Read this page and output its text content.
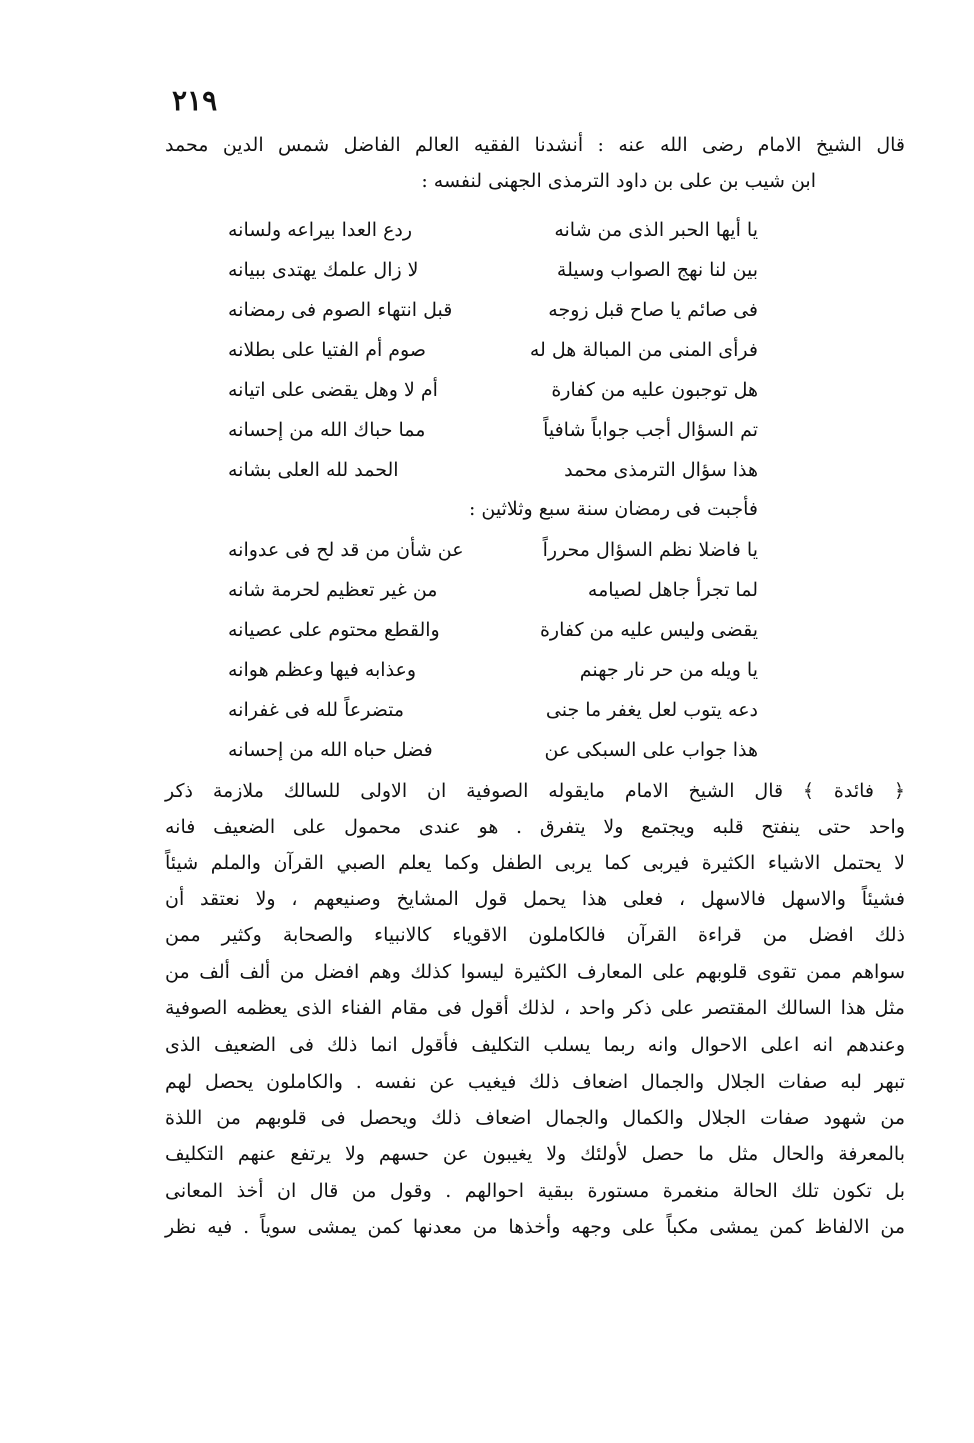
٢١٩
قال الشيخ الامام رضى الله عنه : أنشدنا الفقيه العالم الفاضل شمس الدين محمد
ابن شيب بن على بن داود الترمذى الجهنى لنفسه :
يا أيها الحبر الذى من شانه
ردع العدا بيراعه ولسانه
بين لنا نهج الصواب وسيلة
لا زال علمك يهتدى ببيانه
فى صائم يا صاح قبل زوجه
قبل انتهاء الصوم فى رمضانه
فرأى المنى من المبالة هل له
صوم أم الفتيا على بطلانه
هل توجبون عليه من كفارة
أم لا وهل يقضى على اتيانه
تم السؤال أجب جواباً شافياً
مما حباك الله من إحسانه
هذا سؤال الترمذى محمد
الحمد لله العلى بشانه
فأجبت فى رمضان سنة سبع وثلاثين :
يا فاضلا نظم السؤال محرراً
عن شأن من قد لح فى عدوانه
لما تجرأ جاهل لصيامه
من غير تعظيم لحرمة شانه
يقضى وليس عليه من كفارة
والقطع محتوم على عصيانه
يا ويله من حر نار جهنم
وعذابه فيها وعظم هوانه
دعه يتوب لعل يغفر ما جنى
متضرعاً لله فى غفرانه
هذا جواب على السبكى عن
فضل حباه الله من إحسانه
﴿ فائدة ﴾ قال الشيخ الامام مايقوله الصوفية ان الاولى للسالك ملازمة ذكر
واحد حتى ينفتح قلبه ويجتمع ولا يتفرق . هو عندى محمول على الضعيف فانه
لا يحتمل الاشياء الكثيرة فيربى كما يربى الطفل وكما يعلم الصبي القرآن والملم شيئاً
فشيئاً والاسهل فالاسهل ، فعلى هذا يحمل قول المشايخ وصنيعهم ، ولا نعتقد أن
ذلك افضل من قراءة القرآن فالكاملون الاقوياء كالانبياء والصحابة وكثير ممن
سواهم ممن تقوى قلوبهم على المعارف الكثيرة ليسوا كذلك وهم افضل من ألف ألف من
مثل هذا السالك المقتصر على ذكر واحد ، لذلك أقول فى مقام الفناء الذى يعظمه الصوفية
وعندهم انه اعلى الاحوال وانه ربما يسلب التكليف فأقول انما ذلك فى الضعيف الذى
تبهر لبه صفات الجلال والجمال اضعاف ذلك فيغيب عن نفسه . والكاملون يحصل لهم
من شهود صفات الجلال والكمال والجمال اضعاف ذلك ويحصل فى قلوبهم من اللذة
بالمعرفة والحال مثل ما حصل لأولئك ولا يغيبون عن حسهم ولا يرتفع عنهم التكليف
بل تكون تلك الحالة منغمرة مستورة ببقية احوالهم . وقول من قال ان أخذ المعانى
من الالفاظ كمن يمشى مكباً على وجهه وأخذها من معدنها كمن يمشى سوياً . فيه نظر
